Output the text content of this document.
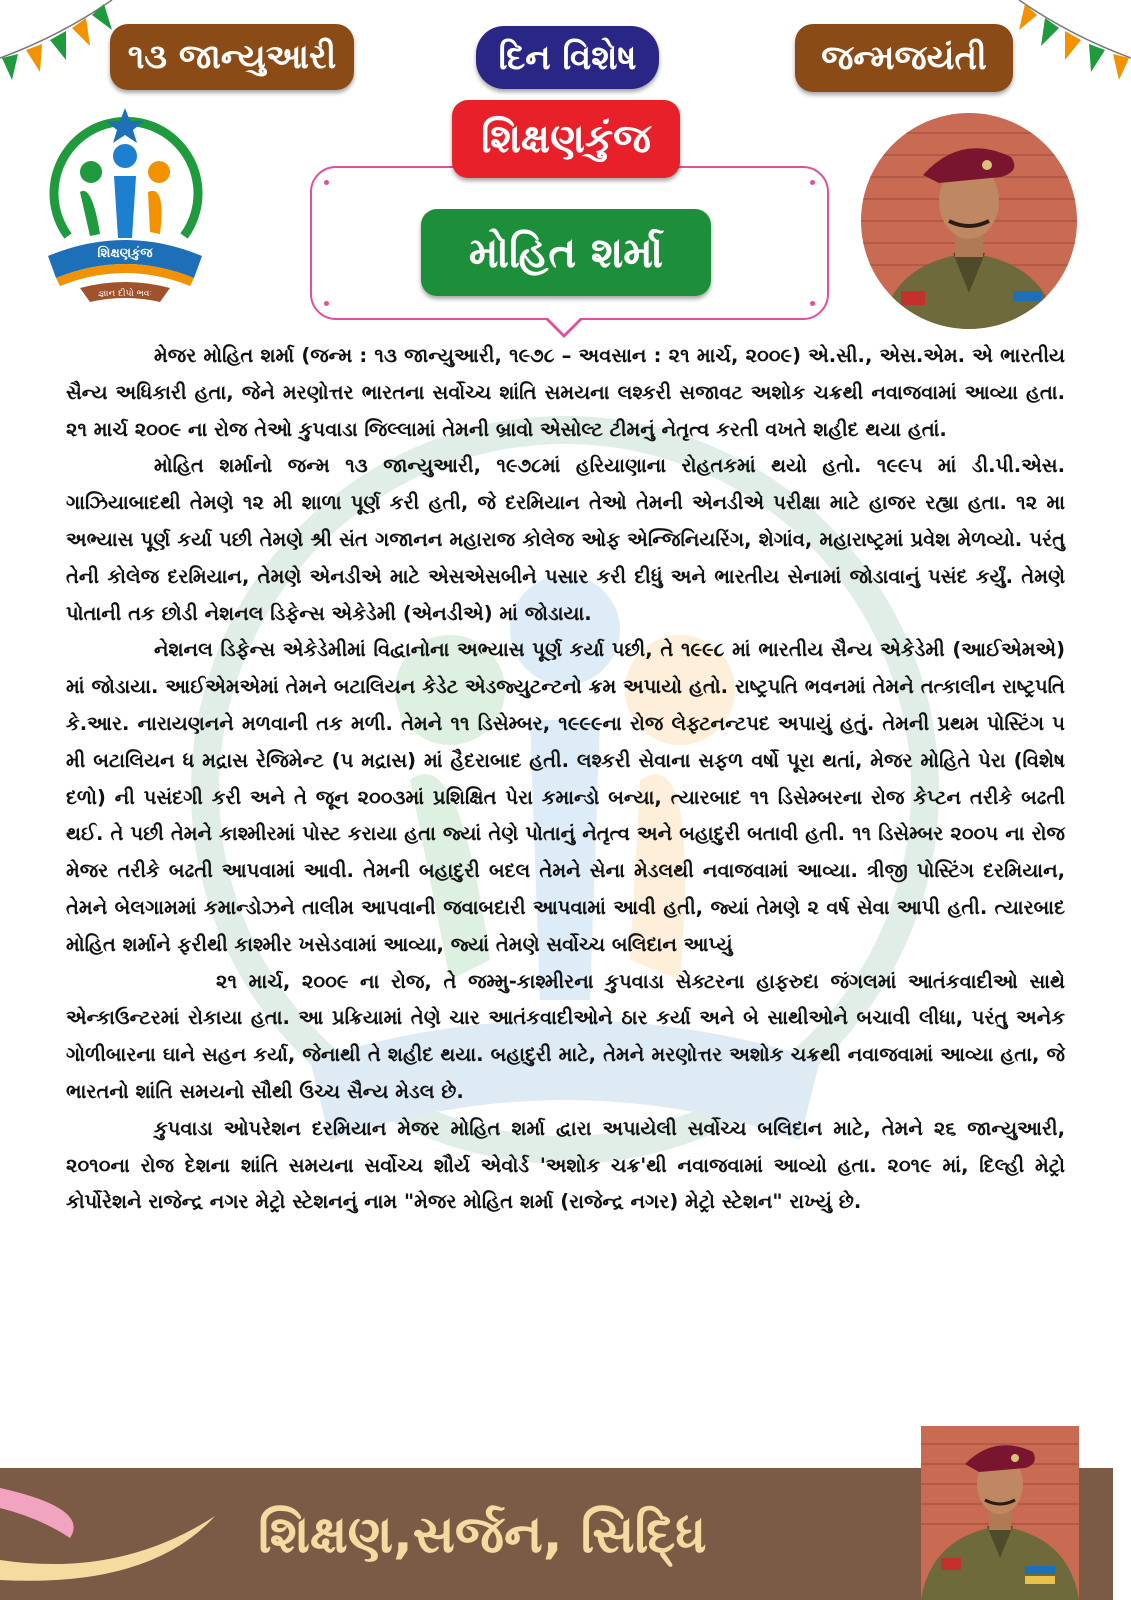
૧૩ જાન્યુઆરી	દિન વિશેષ	જન્મજયંતી
શિક્ષણકુંજ
મોહિત શર્મા
શિક્ષણકુંજ
જ્ઞાન દીપો ભવઃ

મેજર મોહિત શર્મા (જન્મ : ૧૩ જાન્યુઆરી, ૧૯૭૮ – અવસાન : ૨૧ માર્ચ, ૨૦૦૯) એ.સી., એસ.એમ. એ ભારતીય સૈન્ય અધિકારી હતા, જેને મરણોત્તર ભારતના સર્વોચ્ચ શાંતિ સમયના લશ્કરી સજાવટ અશોક ચક્રથી નવાજવામાં આવ્યા હતા. ૨૧ માર્ચ ૨૦૦૯ ના રોજ તેઓ કુપવાડા જિલ્લામાં તેમની બ્રાવો એસોલ્ટ ટીમનું નેતૃત્વ કરતી વખતે શહીદ થયા હતાં.

મોહિત શર્માનો જન્મ ૧૩ જાન્યુઆરી, ૧૯૭૮માં હરિયાણાના રોહતકમાં થયો હતો. ૧૯૯૫ માં ડી.પી.એસ. ગાઝિયાબાદથી તેમણે ૧૨ મી શાળા પૂર્ણ કરી હતી, જે દરમિયાન તેઓ તેમની એનડીએ પરીક્ષા માટે હાજર રહ્યા હતા. ૧૨ મા અભ્યાસ પૂર્ણ કર્યા પછી તેમણે શ્રી સંત ગજાનન મહારાજ કોલેજ ઓફ એન્જિનિયરિંગ, શેગાંવ, મહારાષ્ટ્રમાં પ્રવેશ મેળવ્યો. પરંતુ તેની કોલેજ દરમિયાન, તેમણે એનડીએ માટે એસએસબીને પસાર કરી દીધું અને ભારતીય સેનામાં જોડાવાનું પસંદ કર્યું. તેમણે પોતાની તક છોડી નેશનલ ડિફેન્સ એકેડેમી (એનડીએ) માં જોડાયા.

નેશનલ ડિફેન્સ એકેડેમીમાં વિદ્વાનોના અભ્યાસ પૂર્ણ કર્યા પછી, તે ૧૯૯૮ માં ભારતીય સૈન્ય એકેડેમી (આઈએમએ) માં જોડાયા. આઈએમએમાં તેમને બટાલિયન કેડેટ એડજ્યુટન્ટનો ક્રમ અપાયો હતો. રાષ્ટ્રપતિ ભવનમાં તેમને તત્કાલીન રાષ્ટ્રપતિ કે.આર. નારાયણનને મળવાની તક મળી. તેમને ૧૧ ડિસેમ્બર, ૧૯૯૯ના રોજ લેફ્ટનન્ટપદ અપાયું હતું. તેમની પ્રથમ પોસ્ટિંગ ૫ મી બટાલિયન ધ મદ્રાસ રેજિમેન્ટ (૫ મદ્રાસ) માં હૈદરાબાદ હતી. લશ્કરી સેવાના સફળ વર્ષો પૂરા થતાં, મેજર મોહિતે પેરા (વિશેષ દળો) ની પસંદગી કરી અને તે જૂન ૨૦૦૩માં પ્રશિક્ષિત પેરા કમાન્ડો બન્યા, ત્યારબાદ ૧૧ ડિસેમ્બરના રોજ કેપ્ટન તરીકે બઢતી થઈ. તે પછી તેમને કાશ્મીરમાં પોસ્ટ કરાયા હતા જ્યાં તેણે પોતાનું નેતૃત્વ અને બહાદુરી બતાવી હતી. ૧૧ ડિસેમ્બર ૨૦૦૫ ના રોજ મેજર તરીકે બઢતી આપવામાં આવી. તેમની બહાદુરી બદલ તેમને સેના મેડલથી નવાજવામાં આવ્યા. ત્રીજી પોસ્ટિંગ દરમિયાન, તેમને બેલગામમાં કમાન્ડોઝને તાલીમ આપવાની જવાબદારી આપવામાં આવી હતી, જ્યાં તેમણે ૨ વર્ષ સેવા આપી હતી. ત્યારબાદ મોહિત શર્માને ફરીથી કાશ્મીર ખસેડવામાં આવ્યા, જ્યાં તેમણે સર્વોચ્ચ બલિદાન આપ્યું

૨૧ માર્ચ, ૨૦૦૯ ના રોજ, તે જમ્મુ-કાશ્મીરના કુપવાડા સેક્ટરના હાફરુદા જંગલમાં આતંકવાદીઓ સાથે એન્કાઉન્ટરમાં રોકાયા હતા. આ પ્રક્રિયામાં તેણે ચાર આતંકવાદીઓને ઠાર કર્યા અને બે સાથીઓને બચાવી લીધા, પરંતુ અનેક ગોળીબારના ઘાને સહન કર્યા, જેનાથી તે શહીદ થયા. બહાદુરી માટે, તેમને મરણોત્તર અશોક ચક્રથી નવાજવામાં આવ્યા હતા, જે ભારતનો શાંતિ સમયનો સૌથી ઉચ્ચ સૈન્ય મેડલ છે.

કુપવાડા ઓપરેશન દરમિયાન મેજર મોહિત શર્મા દ્વારા અપાયેલી સર્વોચ્ચ બલિદાન માટે, તેમને ૨૬ જાન્યુઆરી, ૨૦૧૦ના રોજ દેશના શાંતિ સમયના સર્વોચ્ચ શૌર્ય એવોર્ડ 'અશોક ચક્ર'થી નવાજવામાં આવ્યો હતા. ૨૦૧૯ માં, દિલ્હી મેટ્રો કોર્પોરેશને રાજેન્દ્ર નગર મેટ્રો સ્ટેશનનું નામ "મેજર મોહિત શર્મા (રાજેન્દ્ર નગર) મેટ્રો સ્ટેશન" રાખ્યું છે.

શિક્ષણ,સર્જન, સિદ્ધિ
